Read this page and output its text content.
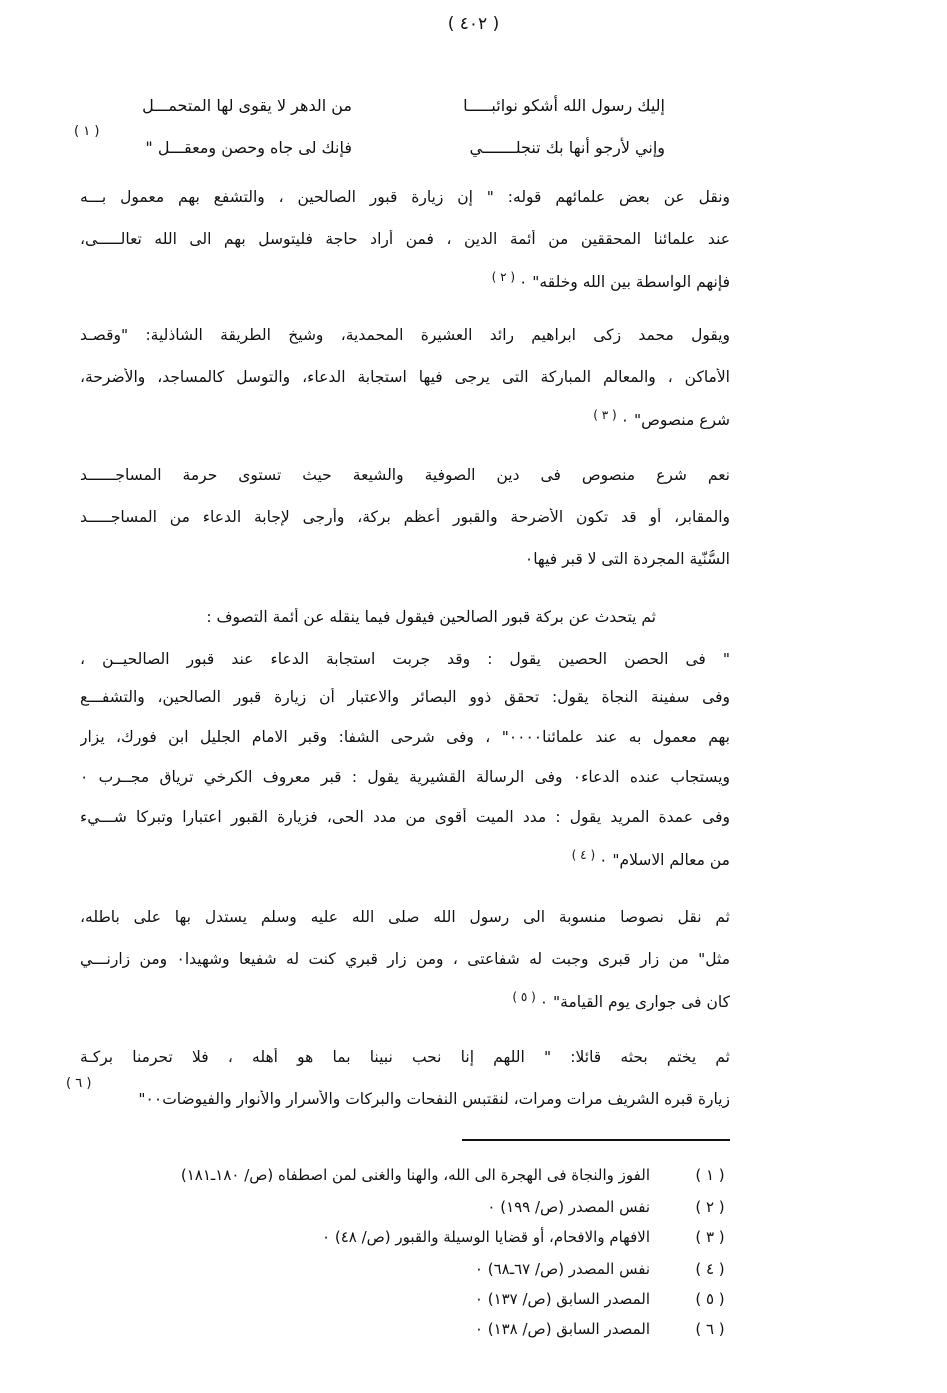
( ٤٠٢ )
إليك رسول الله أشكو نوائبـــــا
من الدهر لا يقوى لها المتحمـــل
وإني لأرجو أنها بك تنجلـــــــي
فإنك لى جاه وحصن ومعقـــل "
( ١ )
ونقل عن بعض علمائهم قوله: " إن زيارة قبور الصالحين ، والتشفع بهم معمول بـــه
عند علمائنا المحققين من أئمة الدين ، فمن أراد حاجة فليتوسل بهم الى الله تعالـــــى،
فإنهم الواسطة بين الله وخلقه" ٠$^{( ٢ )}$
ويقول محمد زكى ابراهيم رائد العشيرة المحمدية، وشيخ الطريقة الشاذلية: "وقصـد
الأماكن ، والمعالم المباركة التى يرجى فيها استجابة الدعاء، والتوسل كالمساجد، والأضرحة،
شرع منصوص" ٠$^{( ٣ )}$
نعم شرع منصوص فى دين الصوفية والشيعة حيث تستوى حرمة المساجــــــد
والمقابر، أو قد تكون الأضرحة والقبور أعظم بركة، وأرجى لإجابة الدعاء من المساجـــــد
السُّنّية المجردة التى لا قبر فيها٠
ثم يتحدث عن بركة قبور الصالحين فيقول فيما ينقله عن أئمة التصوف :
" فى الحصن الحصين يقول : وقد جربت استجابة الدعاء عند قبور الصالحيــن ،
وفى سفينة النجاة يقول: تحقق ذوو البصائر والاعتبار أن زيارة قبور الصالحين، والتشفـــع
بهم معمول به عند علمائنا٠٠٠٠" ، وفى شرحى الشفا: وقبر الامام الجليل ابن فورك، يزار
ويستجاب عنده الدعاء٠ وفى الرسالة القشيرية يقول : قبر معروف الكرخي ترياق مجــرب ٠
وفى عمدة المريد يقول : مدد الميت أقوى من مدد الحى، فزيارة القبور اعتبارا وتبركا شـــيء
من معالم الاسلام" ٠$^{( ٤ )}$
ثم نقل نصوصا منسوبة الى رسول الله صلى الله عليه وسلم يستدل بها على باطله،
مثل" من زار قبرى وجبت له شفاعتى ، ومن زار قبري كنت له شفيعا وشهيدا٠ ومن زارنـــي
كان فى جوارى يوم القيامة" ٠$^{( ٥ )}$
ثم يختم بحثه قائلا: " اللهم إنا نحب نبينا بما هو أهله ، فلا تحرمنا بركـة
زيارة قبره الشريف مرات ومرات، لنقتبس النفحات والبركات والأسرار والأنوار والفيوضات٠٠"
( ٦ )
( ١ )
الفوز والنجاة فى الهجرة الى الله، والهنا والغنى لمن اصطفاه (ص/ ١٨٠ـ١٨١)
( ٢ )
نفس المصدر (ص/ ١٩٩) ٠
( ٣ )
الافهام والافحام، أو قضايا الوسيلة والقبور (ص/ ٤٨) ٠
( ٤ )
نفس المصدر (ص/ ٦٧ـ٦٨) ٠
( ٥ )
المصدر السابق (ص/ ١٣٧) ٠
( ٦ )
المصدر السابق (ص/ ١٣٨) ٠
